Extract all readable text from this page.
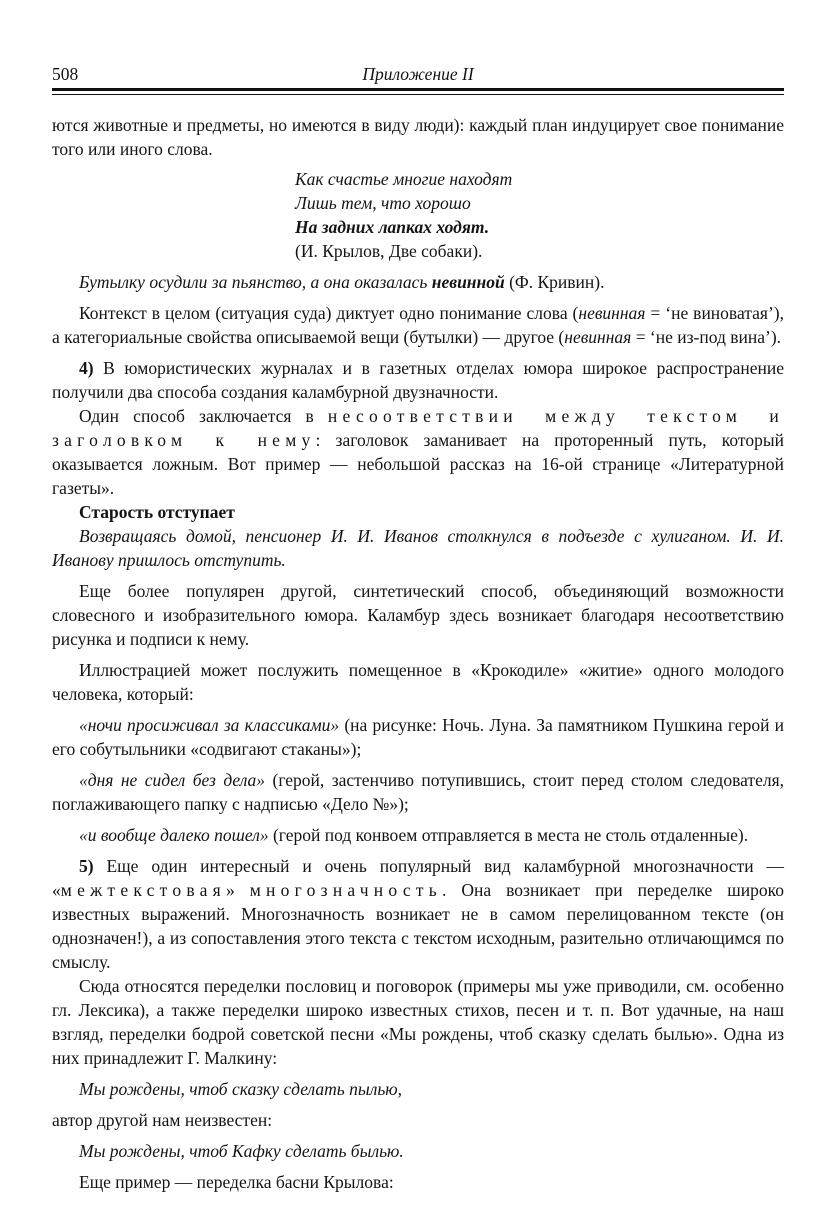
508	Приложение II

ются животные и предметы, но имеются в виду люди): каждый план индуцирует свое понимание того или иного слова.

Как счастье многие находят
Лишь тем, что хорошо
На задних лапках ходят.
(И. Крылов, Две собаки).

Бутылку осудили за пьянство, а она оказалась невинной (Ф. Кривин).

Контекст в целом (ситуация суда) диктует одно понимание слова (невинная = ‘не виноватая’), а категориальные свойства описываемой вещи (бутылки) — другое (невинная = ‘не из-под вина’).

4) В юмористических журналах и в газетных отделах юмора широкое распространение получили два способа создания каламбурной двузначности.

Один способ заключается в несоответствии между текстом и заголовком к нему: заголовок заманивает на проторенный путь, который оказывается ложным. Вот пример — небольшой рассказ на 16-ой странице «Литературной газеты».

Старость отступает

Возвращаясь домой, пенсионер И. И. Иванов столкнулся в подъезде с хулиганом. И. И. Иванову пришлось отступить.

Еще более популярен другой, синтетический способ, объединяющий возможности словесного и изобразительного юмора. Каламбур здесь возникает благодаря несоответствию рисунка и подписи к нему.

Иллюстрацией может послужить помещенное в «Крокодиле» «житие» одного молодого человека, который:

«ночи просиживал за классиками» (на рисунке: Ночь. Луна. За памятником Пушкина герой и его собутыльники «содвигают стаканы»);

«дня не сидел без дела» (герой, застенчиво потупившись, стоит перед столом следователя, поглаживающего папку с надписью «Дело №»);

«и вообще далеко пошел» (герой под конвоем отправляется в места не столь отдаленные).

5) Еще один интересный и очень популярный вид каламбурной многозначности — «межтекстовая» многозначность. Она возникает при переделке широко известных выражений. Многозначность возникает не в самом перелицованном тексте (он однозначен!), а из сопоставления этого текста с текстом исходным, разительно отличающимся по смыслу.

Сюда относятся переделки пословиц и поговорок (примеры мы уже приводили, см. особенно гл. Лексика), а также переделки широко известных стихов, песен и т. п. Вот удачные, на наш взгляд, переделки бодрой советской песни «Мы рождены, чтоб сказку сделать былью». Одна из них принадлежит Г. Малкину:

Мы рождены, чтоб сказку сделать пылью,

автор другой нам неизвестен:

Мы рождены, чтоб Кафку сделать былью.

Еще пример — переделка басни Крылова:
